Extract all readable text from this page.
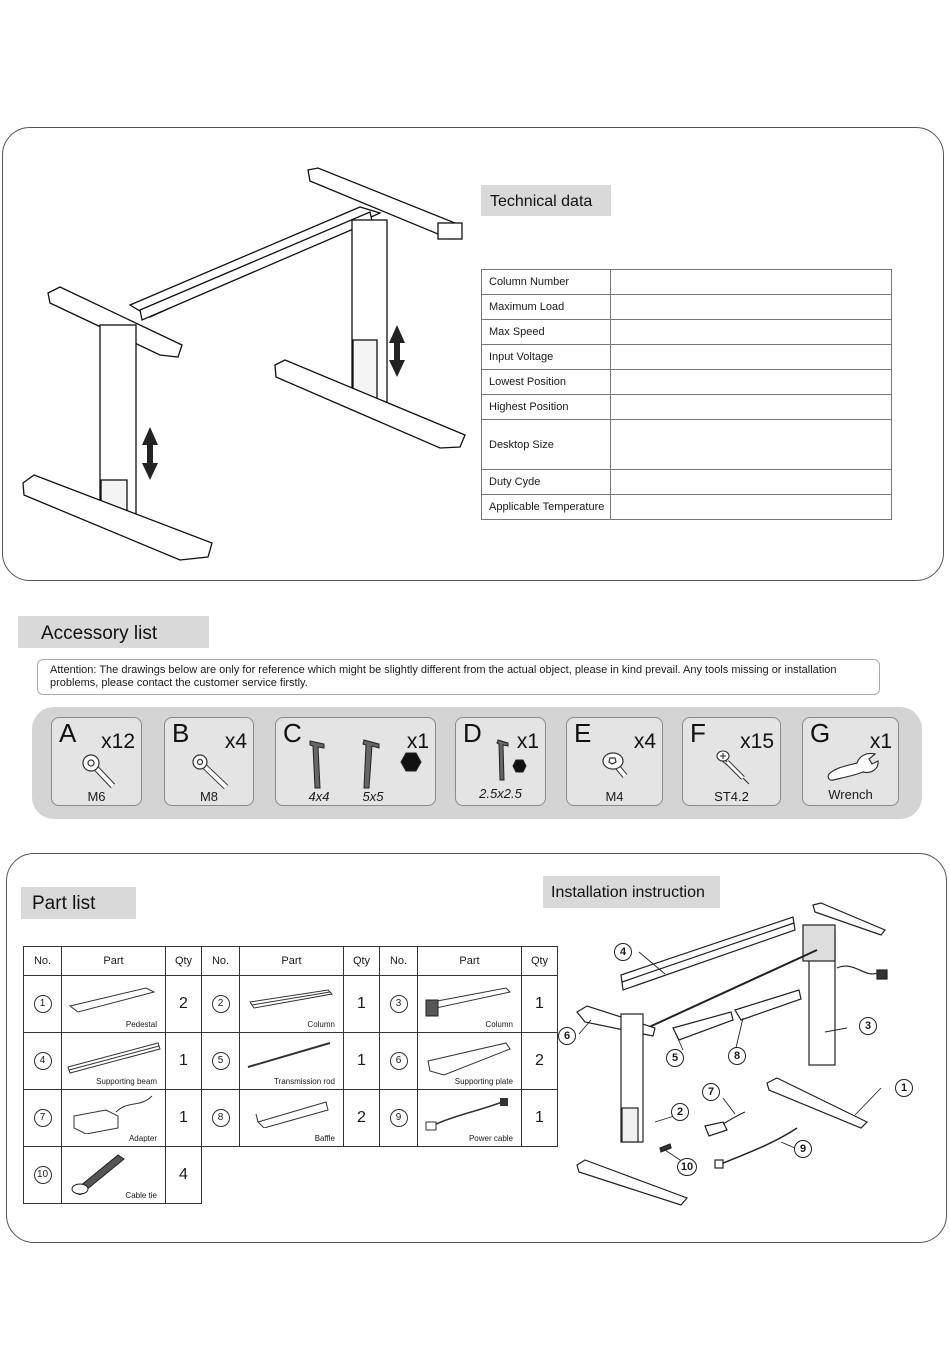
Technical data
Column Number	
Maximum Load	
Max Speed	
Input Voltage	
Lowest Position	
Highest Position	
Desktop Size	
Duty Cyde	
Applicable Temperature	
Accessory list
Attention: The drawings below are only for reference which might be slightly different from the actual object, please in kind prevail. Any tools missing or installation problems, please contact the customer service firstly.
A x12
M6
B x4
M8
C	x1
4x4	5x5
D x1
2.5x2.5
E x4
M4
F x15
ST4.2
G x1
Wrench
Part list
Installation instruction
No.	Part	Qty	No.	Part	Qty	No.	Part	Qty
1	Pedestal	2	2	Column	1	3	Column	1
4	Supporting beam	1	5	Transmission rod	1	6	Supporting plate	2
7	Adapter	1	8	Baffle	2	9	Power cable	1
10	Cable tie	4						
1
2
3
4
5
6
7
8
9
10
